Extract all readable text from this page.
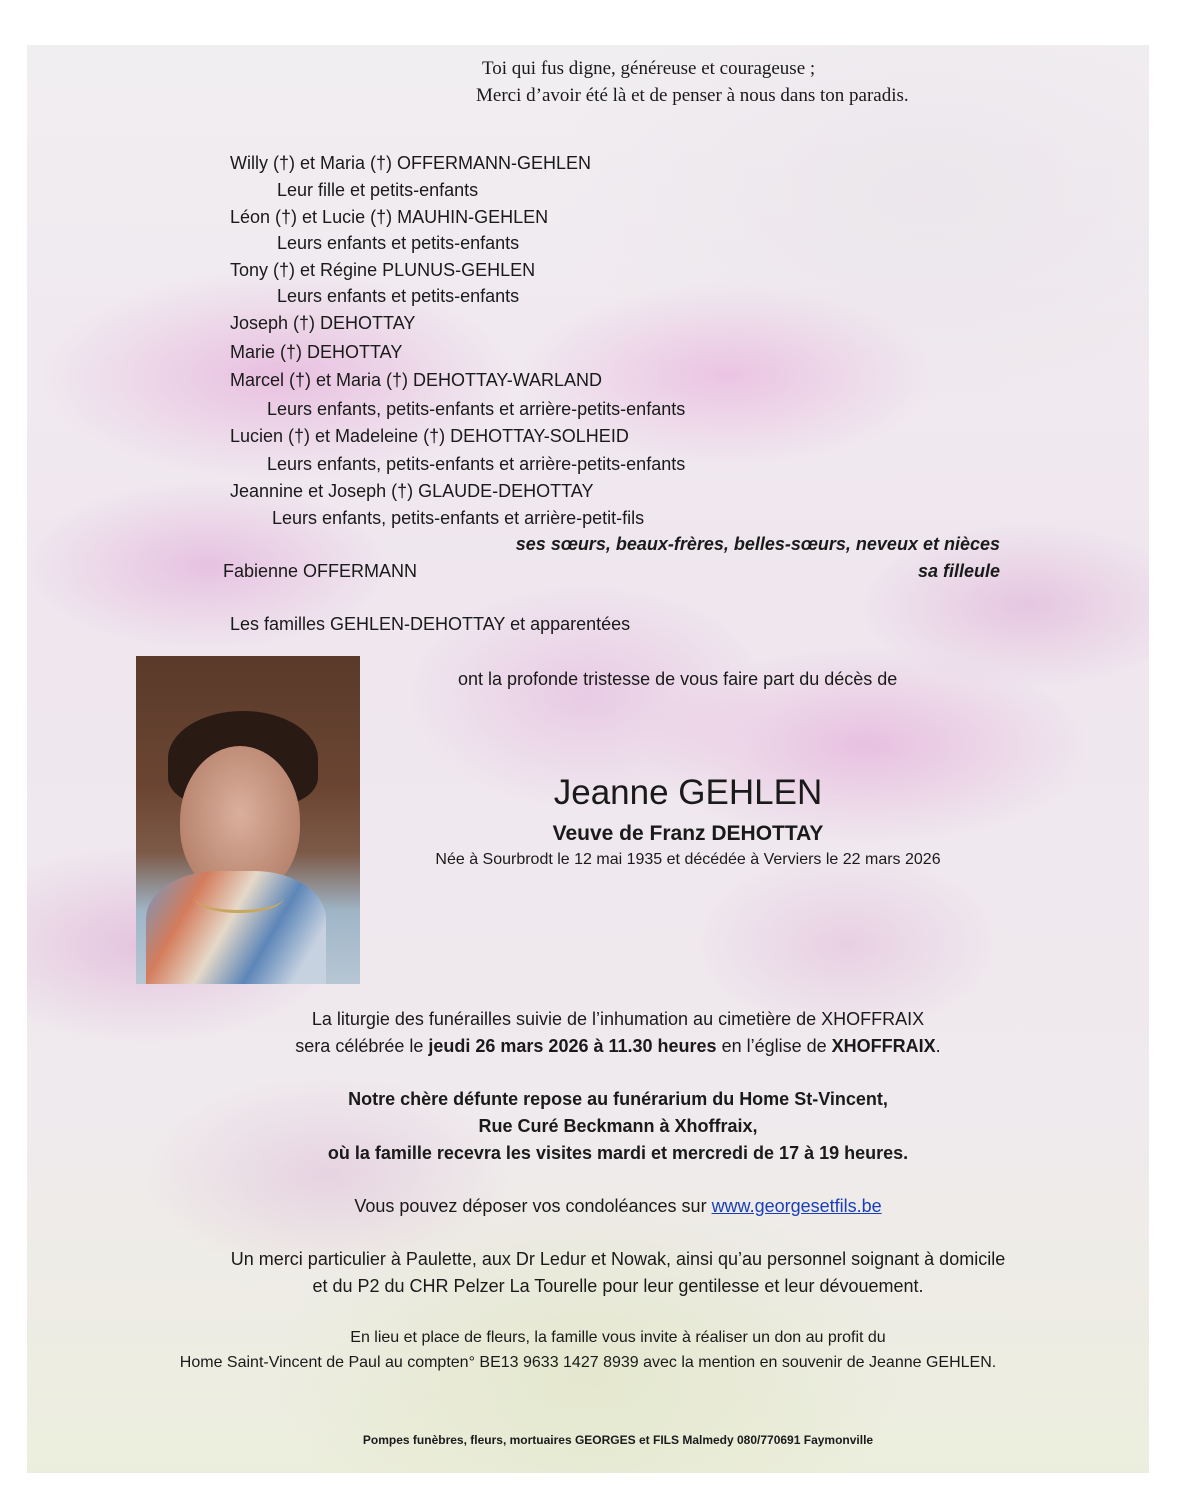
Toi qui fus digne, généreuse et courageuse ;
Merci d’avoir été là et de penser à nous dans ton paradis.
Willy (†) et Maria (†) OFFERMANN-GEHLEN
Leur fille et petits-enfants
Léon (†) et Lucie (†) MAUHIN-GEHLEN
Leurs enfants et petits-enfants
Tony (†) et Régine PLUNUS-GEHLEN
Leurs enfants et petits-enfants
Joseph (†) DEHOTTAY
Marie (†) DEHOTTAY
Marcel (†) et Maria (†) DEHOTTAY-WARLAND
Leurs enfants, petits-enfants et arrière-petits-enfants
Lucien (†) et Madeleine (†) DEHOTTAY-SOLHEID
Leurs enfants, petits-enfants et arrière-petits-enfants
Jeannine et Joseph (†) GLAUDE-DEHOTTAY
Leurs enfants, petits-enfants et arrière-petit-fils
ses sœurs, beaux-frères, belles-sœurs, neveux et nièces
Fabienne OFFERMANN	sa filleule
Les familles GEHLEN-DEHOTTAY et apparentées
ont la profonde tristesse de vous faire part du décès de
Jeanne GEHLEN
Veuve de Franz DEHOTTAY
Née à Sourbrodt le 12 mai 1935 et décédée à Verviers le 22 mars 2026
La liturgie des funérailles suivie de l’inhumation au cimetière de XHOFFRAIX
sera célébrée le jeudi 26 mars 2026 à 11.30 heures en l’église de XHOFFRAIX.
Notre chère défunte repose au funérarium du Home St-Vincent,
Rue Curé Beckmann à Xhoffraix,
où la famille recevra les visites mardi et mercredi de 17 à 19 heures.
Vous pouvez déposer vos condoléances sur www.georgesetfils.be
Un merci particulier à Paulette, aux Dr Ledur et Nowak, ainsi qu’au personnel soignant à domicile
et du P2 du CHR Pelzer La Tourelle pour leur gentilesse et leur dévouement.
En lieu et place de fleurs, la famille vous invite à réaliser un don au profit du
Home Saint-Vincent de Paul au compten° BE13 9633 1427 8939 avec la mention en souvenir de Jeanne GEHLEN.
Pompes funèbres, fleurs, mortuaires GEORGES et FILS Malmedy 080/770691 Faymonville
